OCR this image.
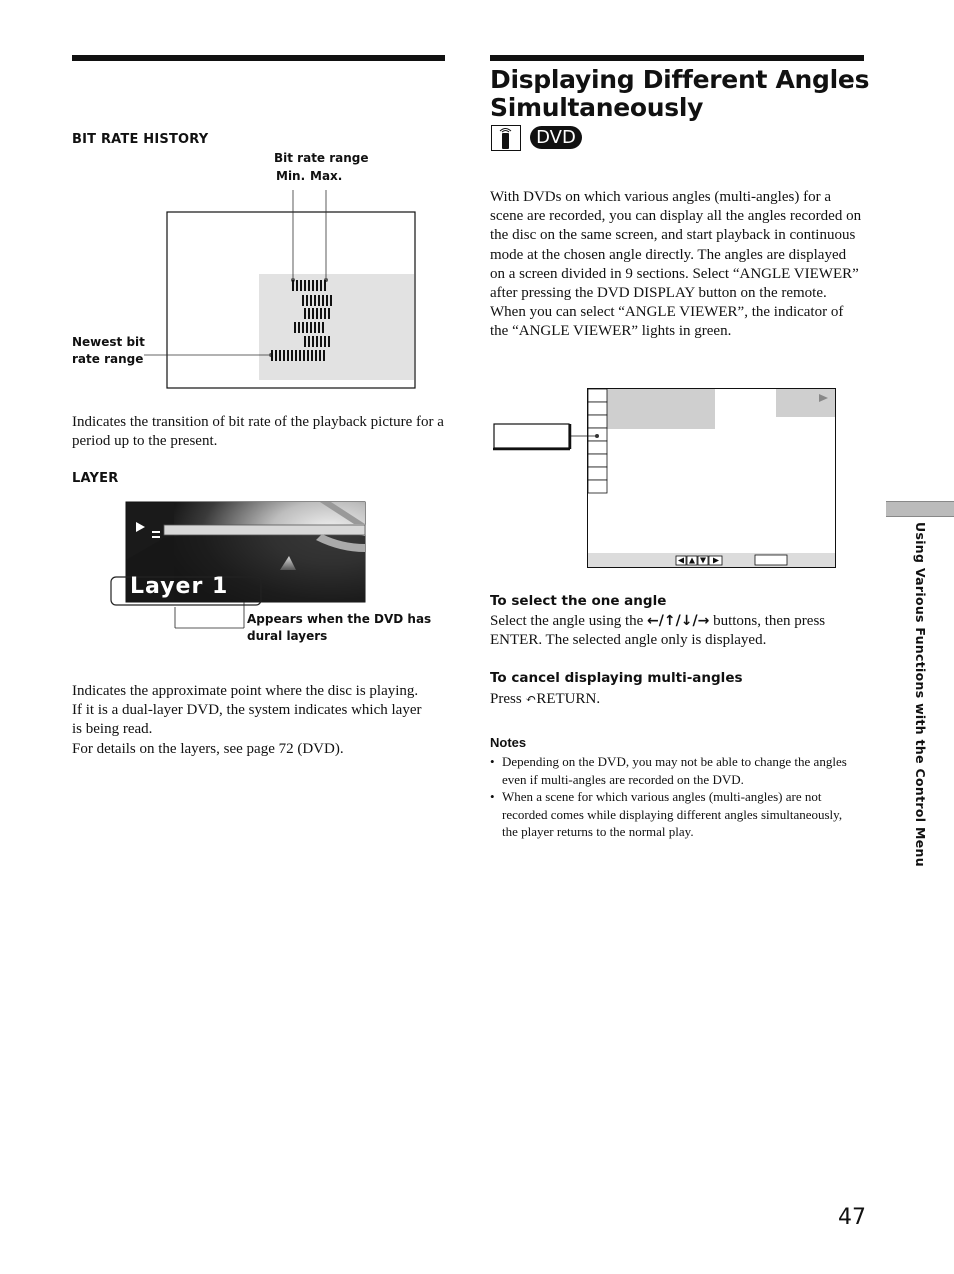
BIT RATE HISTORY
Bit rate range
Min. Max.
Newest bit
rate range
Indicates the transition of bit rate of the playback picture for a period up to the present.
LAYER
Layer 1
Appears when the DVD has
dural layers
Indicates the approximate point where the disc is playing.
If it is a dual-layer DVD, the system indicates which layer
is being read.
For details on the layers, see page 72 (DVD).
Displaying Different Angles
Simultaneously
DVD
With DVDs on which various angles (multi-angles) for a scene are recorded, you can display all the angles recorded on the disc on the same screen, and start playback in continuous mode at the chosen angle directly. The angles are displayed on a screen divided in 9 sections. Select “ANGLE VIEWER” after pressing the DVD DISPLAY button on the remote. When you can select “ANGLE VIEWER”, the indicator of the “ANGLE VIEWER” lights in green.
To select the one angle
Select the angle using the ←/↑/↓/→ buttons, then press ENTER. The selected angle only is displayed.
To cancel displaying multi-angles
Press ↶RETURN.
Notes
• Depending on the DVD, you may not be able to change the angles even if multi-angles are recorded on the DVD.
• When a scene for which various angles (multi-angles) are not recorded comes while displaying different angles simultaneously, the player returns to the normal play.	Using Various Functions with the Control Menu
47
